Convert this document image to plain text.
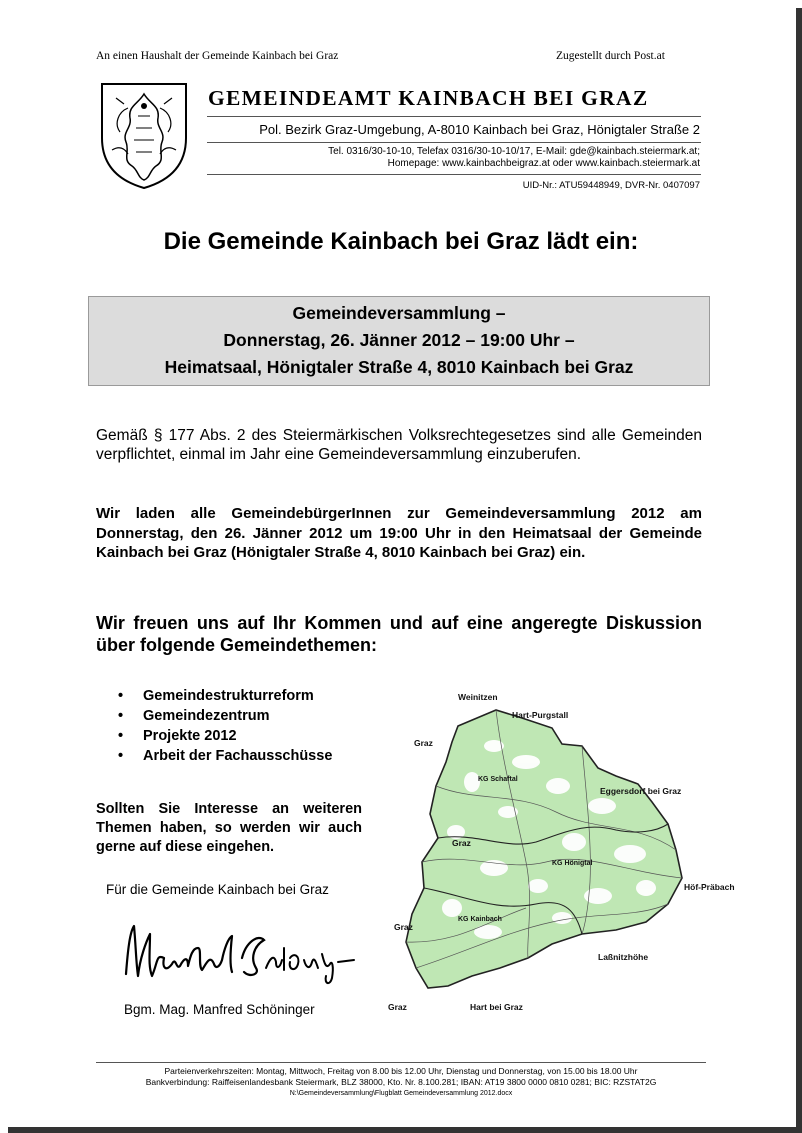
An einen Haushalt der Gemeinde Kainbach bei Graz	Zugestellt durch Post.at
GEMEINDEAMT KAINBACH BEI GRAZ
Pol. Bezirk Graz-Umgebung, A-8010 Kainbach bei Graz, Hönigtaler Straße 2
Tel. 0316/30-10-10, Telefax 0316/30-10-10/17, E-Mail: gde@kainbach.steiermark.at;
Homepage: www.kainbachbeigraz.at oder www.kainbach.steiermark.at
UID-Nr.: ATU59448949, DVR-Nr. 0407097
Die Gemeinde Kainbach bei Graz lädt ein:
Gemeindeversammlung –
Donnerstag, 26. Jänner 2012 – 19:00 Uhr –
Heimatsaal, Hönigtaler Straße 4, 8010 Kainbach bei Graz
Gemäß § 177 Abs. 2 des Steiermärkischen Volksrechtegesetzes sind alle Gemeinden verpflichtet, einmal im Jahr eine Gemeindeversammlung einzuberufen.
Wir laden alle GemeindebürgerInnen zur Gemeindeversammlung 2012 am Donnerstag, den 26. Jänner 2012 um 19:00 Uhr in den Heimatsaal der Gemeinde Kainbach bei Graz (Hönigtaler Straße 4, 8010 Kainbach bei Graz) ein.
Wir freuen uns auf Ihr Kommen und auf eine angeregte Diskussion über folgende Gemeindethemen:
• Gemeindestrukturreform
• Gemeindezentrum
• Projekte 2012
• Arbeit der Fachausschüsse
Sollten Sie Interesse an weiteren Themen haben, so werden wir auch gerne auf diese eingehen.
Für die Gemeinde Kainbach bei Graz
Bgm. Mag. Manfred Schöninger
Weinitzen
Hart-Purgstall
Graz
KG Schaftal
Eggersdorf bei Graz
Graz
KG Hönigtal
Höf-Präbach
KG Kainbach
Graz
Laßnitzhöhe
Graz	Hart bei Graz
Parteienverkehrszeiten: Montag, Mittwoch, Freitag von 8.00 bis 12.00 Uhr, Dienstag und Donnerstag, von 15.00 bis 18.00 Uhr
Bankverbindung: Raiffeisenlandesbank Steiermark, BLZ 38000, Kto. Nr. 8.100.281; IBAN: AT19 3800 0000 0810 0281; BIC: RZSTAT2G
N:\Gemeindeversammlung\Flugblatt Gemeindeversammlung 2012.docx
